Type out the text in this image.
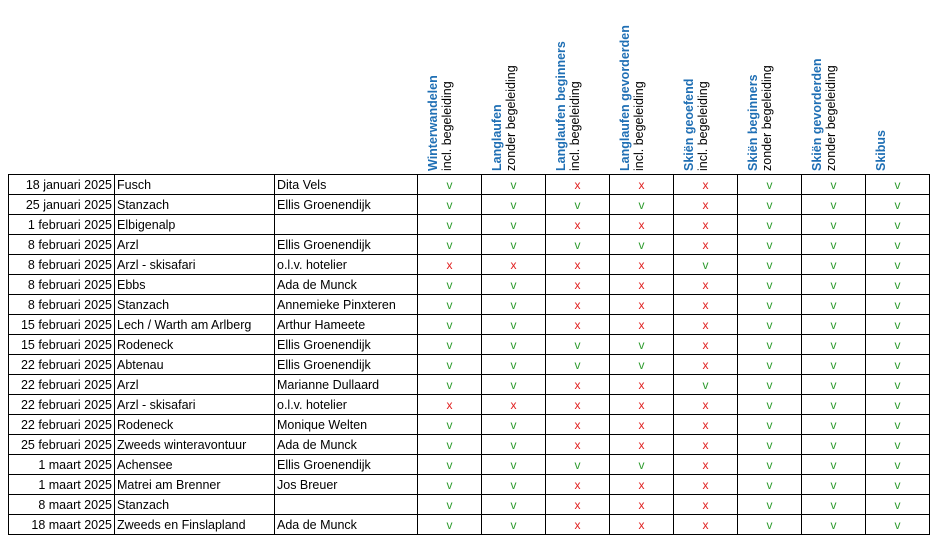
Winterwandelen incl. begeleiding	Langlaufen zonder begeleiding	Langlaufen beginners incl. begeleiding	Langlaufen gevorderden incl. begeleiding	Skiën geoefend incl. begeleiding	Skiën beginners zonder begeleiding	Skiën gevorderden zonder begeleiding	Skibus
18 januari 2025	Fusch	Dita Vels	v	v	x	x	x	v	v	v
25 januari 2025	Stanzach	Ellis Groenendijk	v	v	v	v	x	v	v	v
1 februari 2025	Elbigenalp		v	v	x	x	x	v	v	v
8 februari 2025	Arzl	Ellis Groenendijk	v	v	v	v	x	v	v	v
8 februari 2025	Arzl - skisafari	o.l.v. hotelier	x	x	x	x	v	v	v	v
8 februari 2025	Ebbs	Ada de Munck	v	v	x	x	x	v	v	v
8 februari 2025	Stanzach	Annemieke Pinxteren	v	v	x	x	x	v	v	v
15 februari 2025	Lech / Warth am Arlberg	Arthur Hameete	v	v	x	x	x	v	v	v
15 februari 2025	Rodeneck	Ellis Groenendijk	v	v	v	v	x	v	v	v
22 februari 2025	Abtenau	Ellis Groenendijk	v	v	v	v	x	v	v	v
22 februari 2025	Arzl	Marianne Dullaard	v	v	x	x	v	v	v	v
22 februari 2025	Arzl - skisafari	o.l.v. hotelier	x	x	x	x	x	v	v	v
22 februari 2025	Rodeneck	Monique Welten	v	v	x	x	x	v	v	v
25 februari 2025	Zweeds winteravontuur	Ada de Munck	v	v	x	x	x	v	v	v
1 maart 2025	Achensee	Ellis Groenendijk	v	v	v	v	x	v	v	v
1 maart 2025	Matrei am Brenner	Jos Breuer	v	v	x	x	x	v	v	v
8 maart 2025	Stanzach		v	v	x	x	x	v	v	v
18 maart 2025	Zweeds en Finslapland	Ada de Munck	v	v	x	x	x	v	v	v
